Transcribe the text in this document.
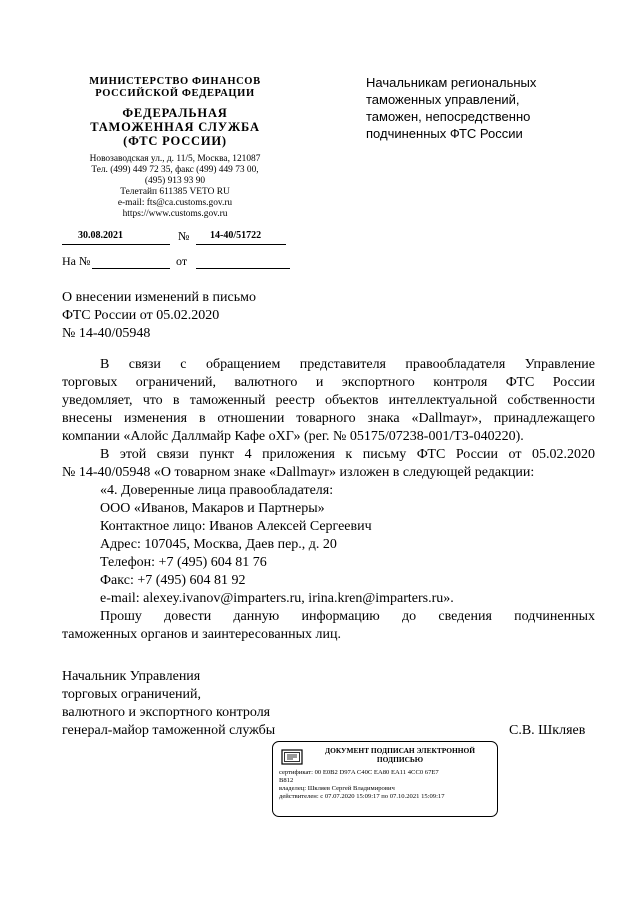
МИНИСТЕРСТВО ФИНАНСОВ
РОССИЙСКОЙ ФЕДЕРАЦИИ
ФЕДЕРАЛЬНАЯ
ТАМОЖЕННАЯ СЛУЖБА
(ФТС РОССИИ)
Новозаводская ул., д. 11/5, Москва, 121087
Тел. (499) 449 72 35, факс (499) 449 73 00,
(495) 913 93 90
Телетайп 611385 VETO RU
e-mail: fts@ca.customs.gov.ru
https://www.customs.gov.ru
30.08.2021	№ 14-40/51722
На №	от
Начальникам региональных
таможенных управлений,
таможен, непосредственно
подчиненных ФТС России
О внесении изменений в письмо
ФТС России от 05.02.2020
№ 14-40/05948

В связи с обращением представителя правообладателя Управление

торговых ограничений, валютного и экспортного контроля ФТС России

уведомляет, что в таможенный реестр объектов интеллектуальной собственности

внесены изменения в отношении товарного знака «Dallmayr», принадлежащего

компании «Алойс Даллмайр Кафе оХГ» (рег. № 05175/07238-001/ТЗ-040220).

В этой связи пункт 4 приложения к письму ФТС России от 05.02.2020

№ 14-40/05948 «О товарном знаке «Dallmayr» изложен в следующей редакции:

«4. Доверенные лица правообладателя:

ООО «Иванов, Макаров и Партнеры»

Контактное лицо: Иванов Алексей Сергеевич

Адрес: 107045, Москва, Даев пер., д. 20

Телефон: +7 (495) 604 81 76

Факс: +7 (495) 604 81 92

e-mail: alexey.ivanov@imparters.ru, irina.kren@imparters.ru».

Прошу довести данную информацию до сведения подчиненных

таможенных органов и заинтересованных лиц.

Начальник Управления
торговых ограничений,
валютного и экспортного контроля
генерал-майор таможенной службы	С.В. Шкляев
ДОКУМЕНТ ПОДПИСАН ЭЛЕКТРОННОЙ ПОДПИСЬЮ
сертификат: 00 E0B2 D97A C40C EA80 EA11 4CC0 67E7
B812
владелец: Шкляев Сергей Владимирович
действителен: с 07.07.2020 15:09:17 по 07.10.2021 15:09:17
